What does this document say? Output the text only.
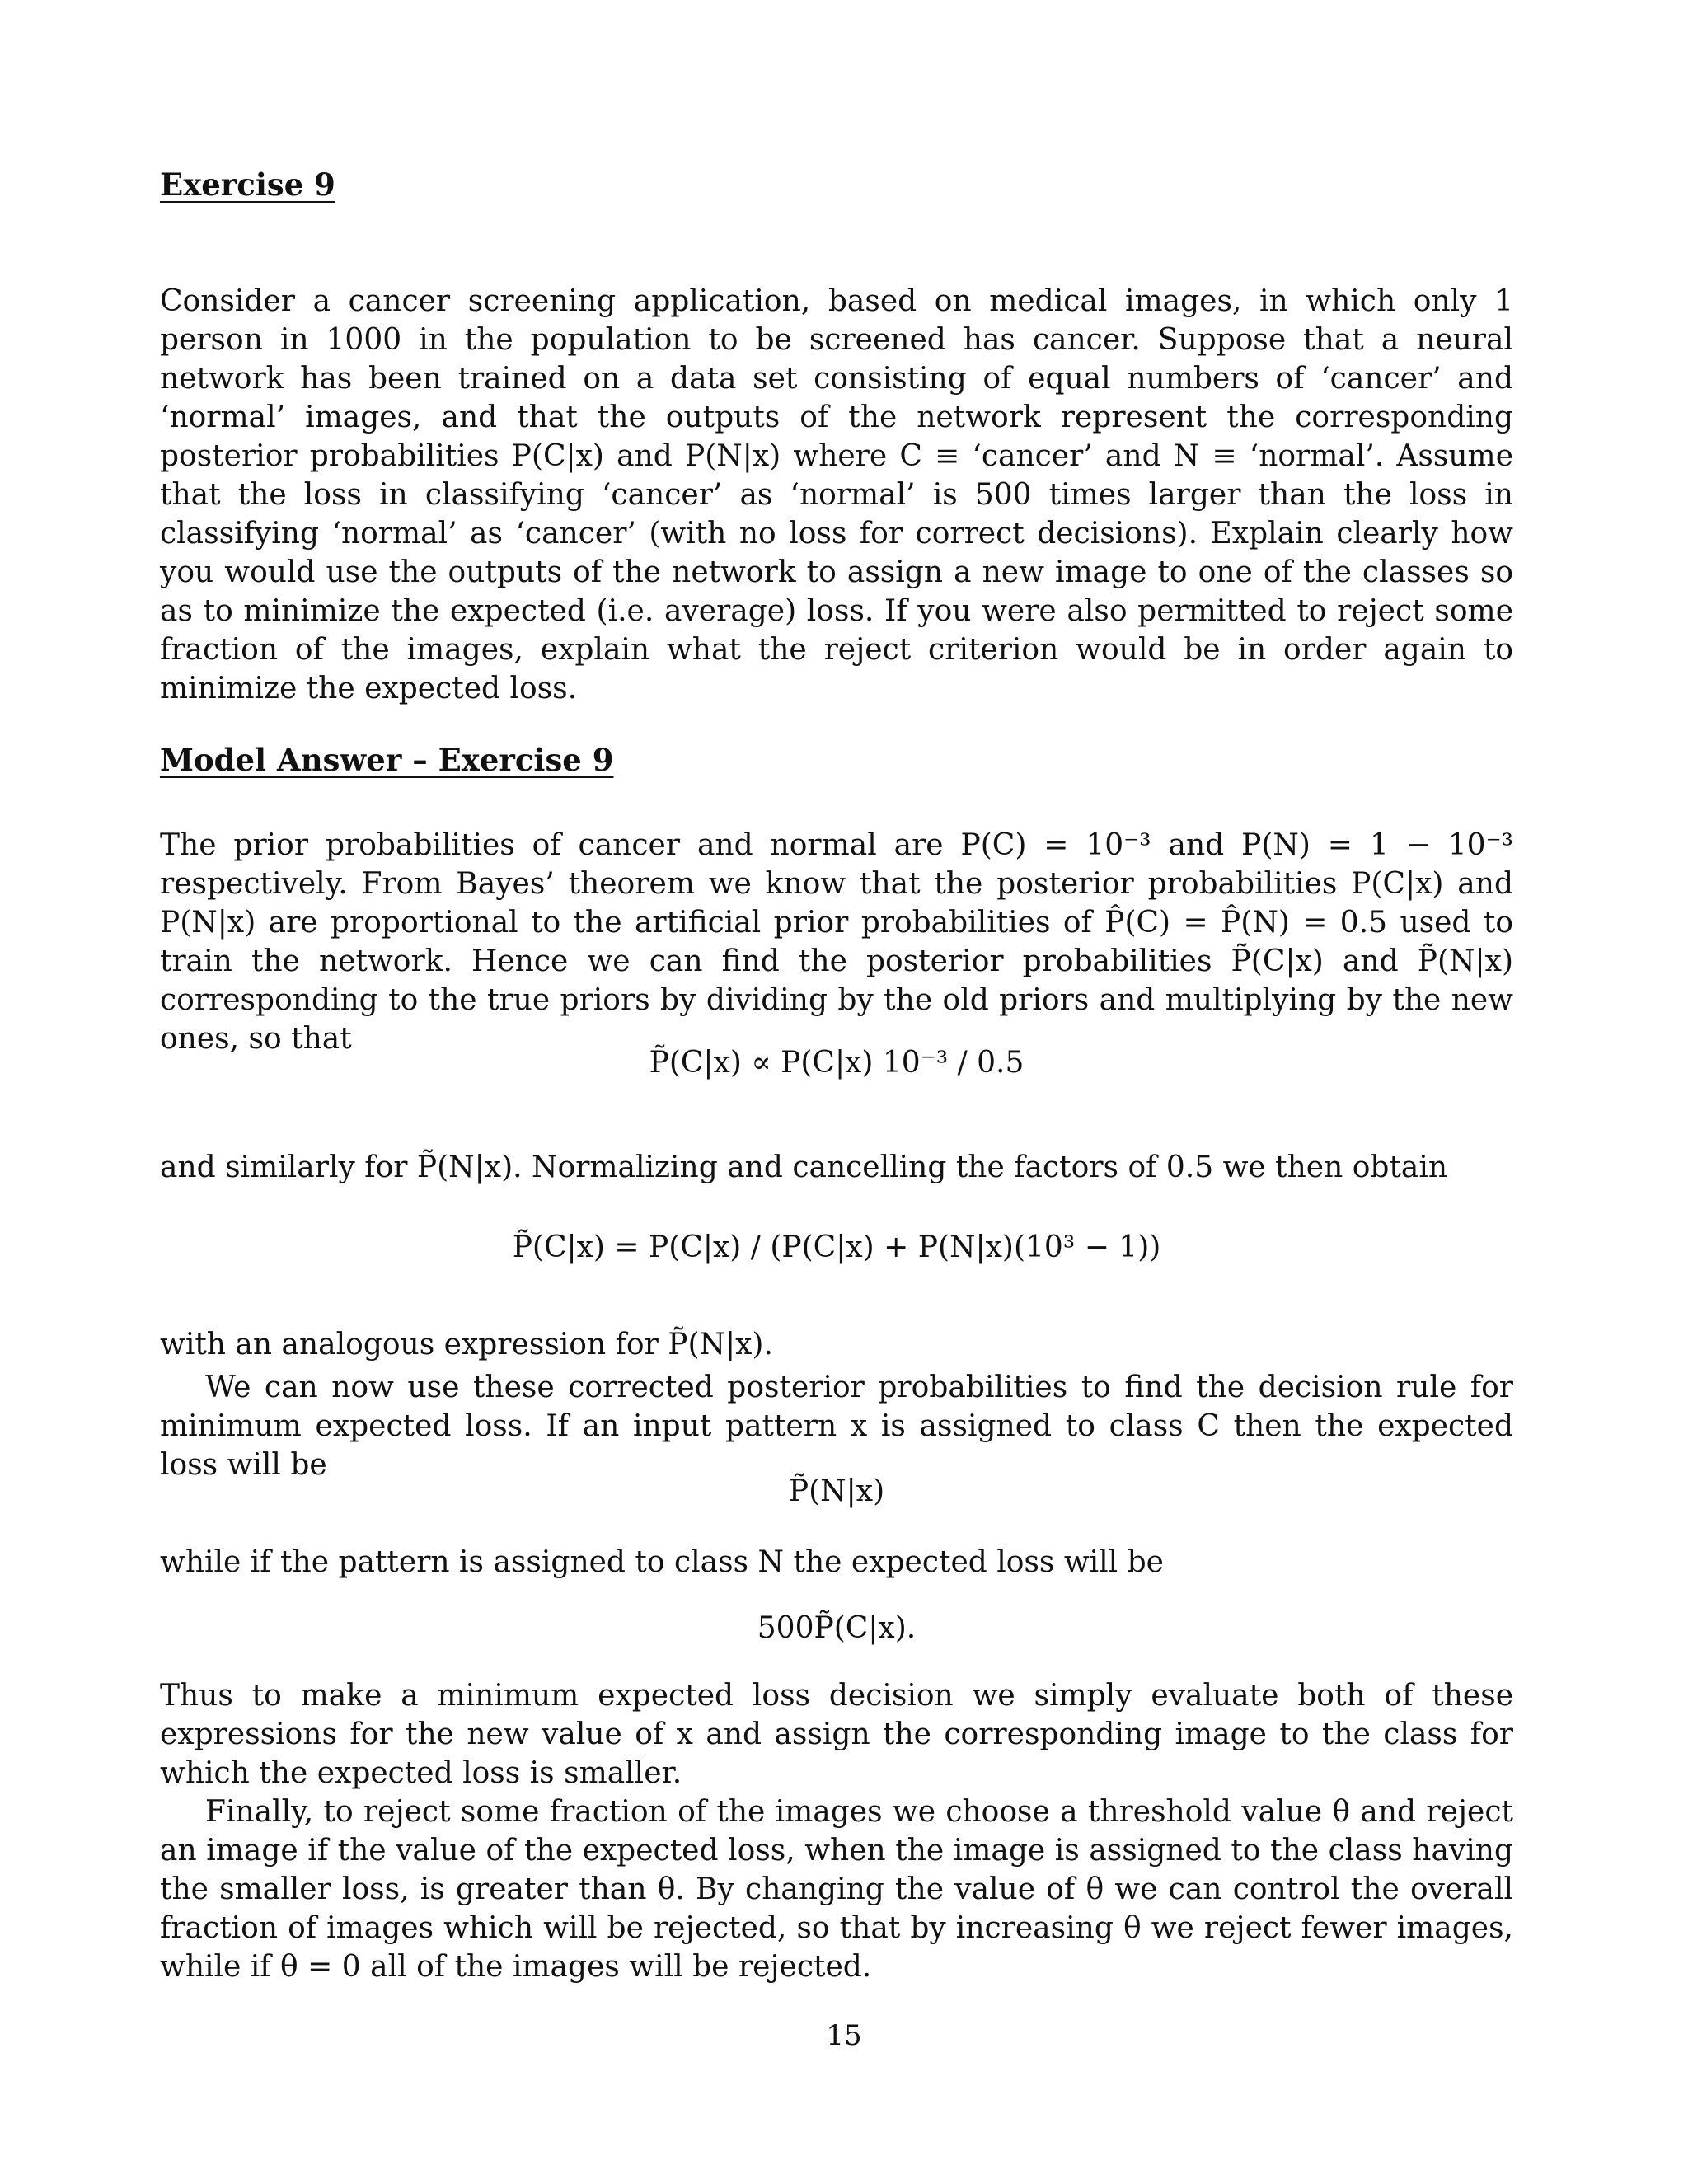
Exercise 9

Consider a cancer screening application, based on medical images, in which only 1 person in 1000 in the population to be screened has cancer. Suppose that a neural network has been trained on a data set consisting of equal numbers of ‘cancer’ and ‘normal’ images, and that the outputs of the network represent the corresponding posterior probabilities P(C|x) and P(N|x) where C ≡ ‘cancer’ and N ≡ ‘normal’. Assume that the loss in classifying ‘cancer’ as ‘normal’ is 500 times larger than the loss in classifying ‘normal’ as ‘cancer’ (with no loss for correct decisions). Explain clearly how you would use the outputs of the network to assign a new image to one of the classes so as to minimize the expected (i.e. average) loss. If you were also permitted to reject some fraction of the images, explain what the reject criterion would be in order again to minimize the expected loss.

Model Answer – Exercise 9

The prior probabilities of cancer and normal are P(C) = 10⁻³ and P(N) = 1 − 10⁻³ respectively. From Bayes’ theorem we know that the posterior probabilities P(C|x) and P(N|x) are proportional to the artificial prior probabilities of P̂(C) = P̂(N) = 0.5 used to train the network. Hence we can find the posterior probabilities P̃(C|x) and P̃(N|x) corresponding to the true priors by dividing by the old priors and multiplying by the new ones, so that

P̃(C|x) ∝ P(C|x) 10⁻³ / 0.5

and similarly for P̃(N|x). Normalizing and cancelling the factors of 0.5 we then obtain

P̃(C|x) = P(C|x) / (P(C|x) + P(N|x)(10³ − 1))

with an analogous expression for P̃(N|x).

We can now use these corrected posterior probabilities to find the decision rule for minimum expected loss. If an input pattern x is assigned to class C then the expected loss will be

P̃(N|x)

while if the pattern is assigned to class N the expected loss will be

500P̃(C|x).

Thus to make a minimum expected loss decision we simply evaluate both of these expressions for the new value of x and assign the corresponding image to the class for which the expected loss is smaller.

Finally, to reject some fraction of the images we choose a threshold value θ and reject an image if the value of the expected loss, when the image is assigned to the class having the smaller loss, is greater than θ. By changing the value of θ we can control the overall fraction of images which will be rejected, so that by increasing θ we reject fewer images, while if θ = 0 all of the images will be rejected.

15
